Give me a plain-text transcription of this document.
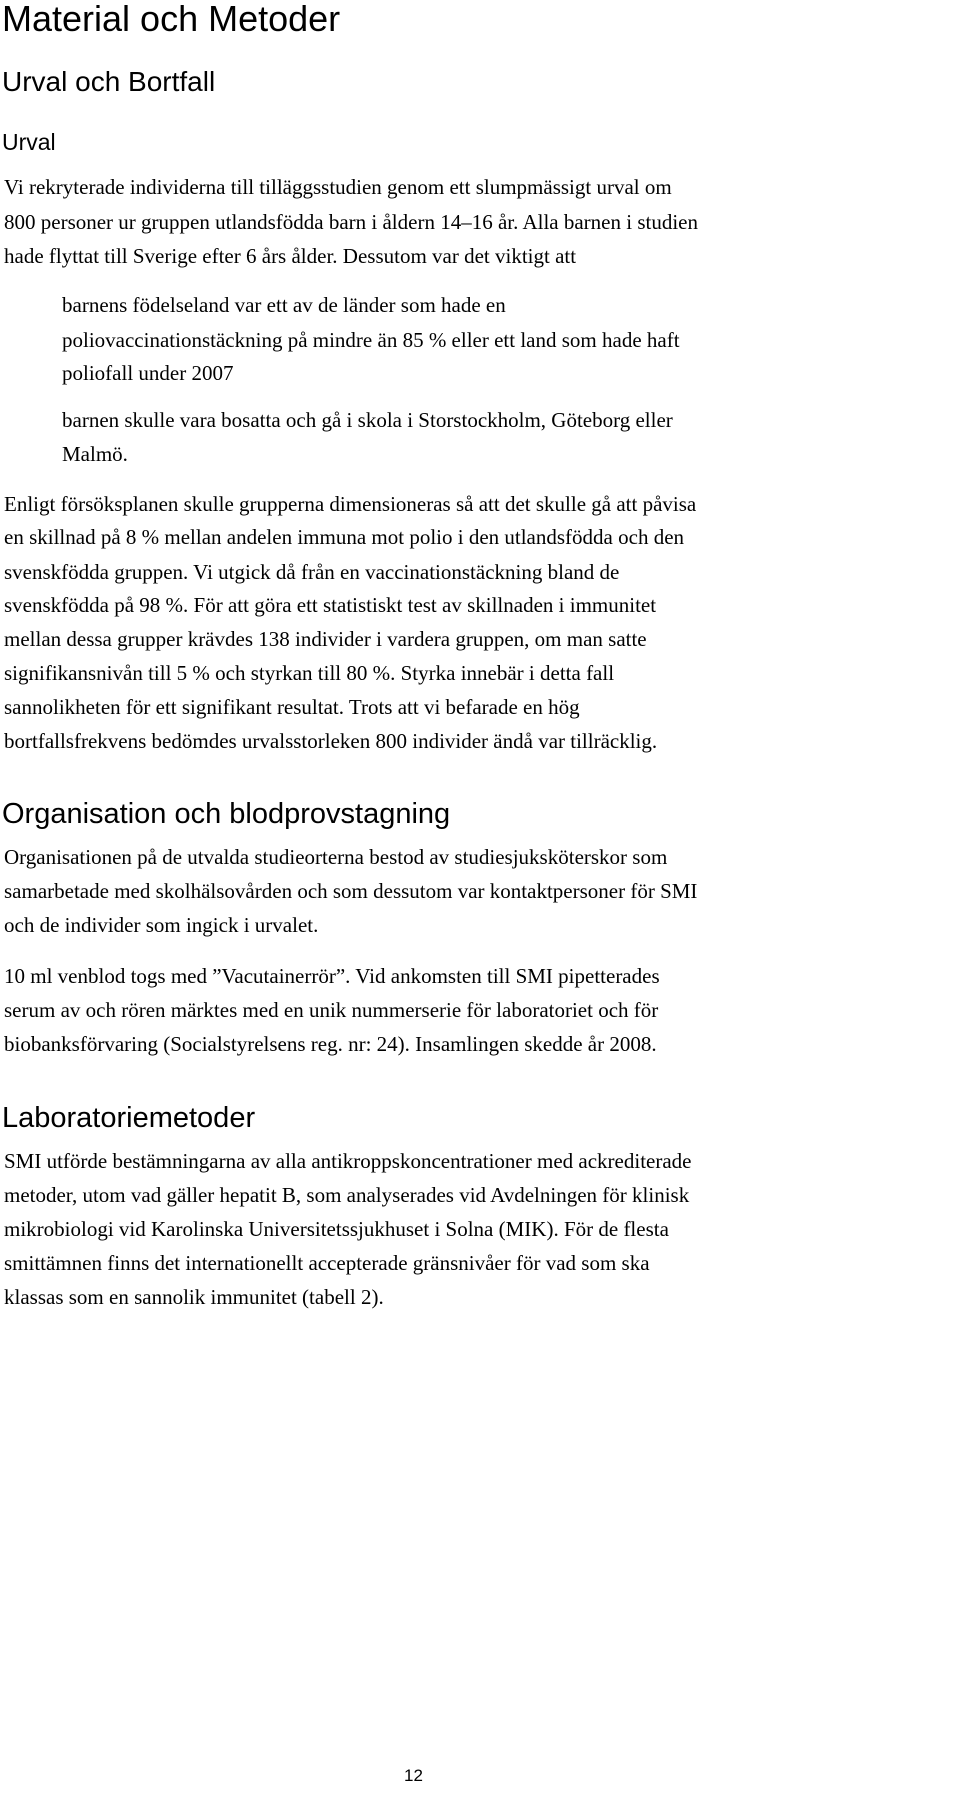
Material och Metoder
Urval och Bortfall
Urval
Vi rekryterade individerna till tilläggsstudien genom ett slumpmässigt urval om
800 personer ur gruppen utlandsfödda barn i åldern 14–16 år. Alla barnen i studien
hade flyttat till Sverige efter 6 års ålder. Dessutom var det viktigt att
barnens födelseland var ett av de länder som hade en
poliovaccinationstäckning på mindre än 85 % eller ett land som hade haft
poliofall under 2007
barnen skulle vara bosatta och gå i skola i Storstockholm, Göteborg eller
Malmö.
Enligt försöksplanen skulle grupperna dimensioneras så att det skulle gå att påvisa
en skillnad på 8 % mellan andelen immuna mot polio i den utlandsfödda och den
svenskfödda gruppen. Vi utgick då från en vaccinationstäckning bland de
svenskfödda på 98 %. För att göra ett statistiskt test av skillnaden i immunitet
mellan dessa grupper krävdes 138 individer i vardera gruppen, om man satte
signifikansnivån till 5 % och styrkan till 80 %. Styrka innebär i detta fall
sannolikheten för ett signifikant resultat. Trots att vi befarade en hög
bortfallsfrekvens bedömdes urvalsstorleken 800 individer ändå var tillräcklig.
Organisation och blodprovstagning
Organisationen på de utvalda studieorterna bestod av studiesjuksköterskor som
samarbetade med skolhälsovården och som dessutom var kontaktpersoner för SMI
och de individer som ingick i urvalet.
10 ml venblod togs med ”Vacutainerrör”. Vid ankomsten till SMI pipetterades
serum av och rören märktes med en unik nummerserie för laboratoriet och för
biobanksförvaring (Socialstyrelsens reg. nr: 24). Insamlingen skedde år 2008.
Laboratoriemetoder
SMI utförde bestämningarna av alla antikroppskoncentrationer med ackrediterade
metoder, utom vad gäller hepatit B, som analyserades vid Avdelningen för klinisk
mikrobiologi vid Karolinska Universitetssjukhuset i Solna (MIK). För de flesta
smittämnen finns det internationellt accepterade gränsnivåer för vad som ska
klassas som en sannolik immunitet (tabell 2).
12
